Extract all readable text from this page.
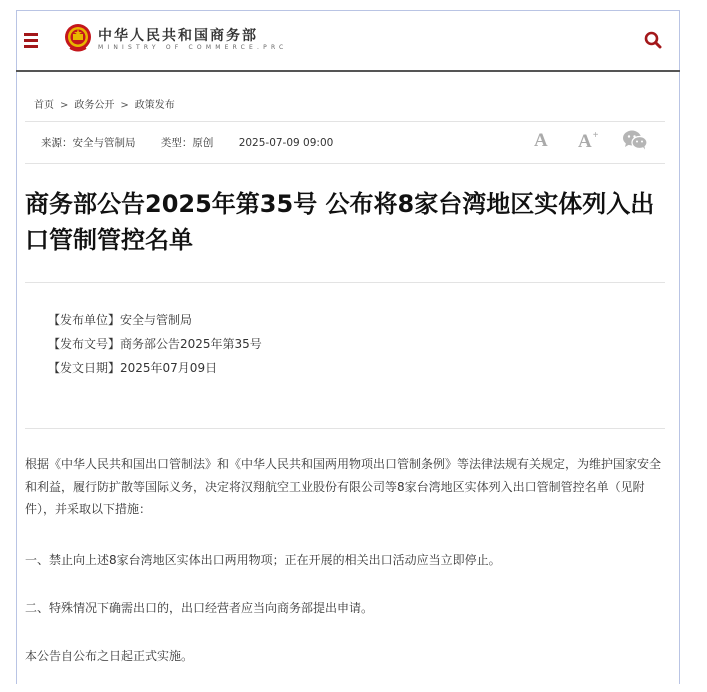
中华人民共和国商务部
MINISTRY OF COMMERCE.PRC
首页 > 政务公开 > 政策发布
来源：安全与管制局 类型：原创 2025-07-09 09:00	A A+
商务部公告2025年第35号 公布将8家台湾地区实体列入出口管制管控名单
【发布单位】安全与管制局
【发布文号】商务部公告2025年第35号
【发文日期】2025年07月09日

根据《中华人民共和国出口管制法》和《中华人民共和国两用物项出口管制条例》等法律法规有关规定，为维护国家安全和利益，履行防扩散等国际义务，决定将汉翔航空工业股份有限公司等8家台湾地区实体列入出口管制管控名单（见附件），并采取以下措施：

一、禁止向上述8家台湾地区实体出口两用物项；正在开展的相关出口活动应当立即停止。

二、特殊情况下确需出口的，出口经营者应当向商务部提出申请。

本公告自公布之日起正式实施。
